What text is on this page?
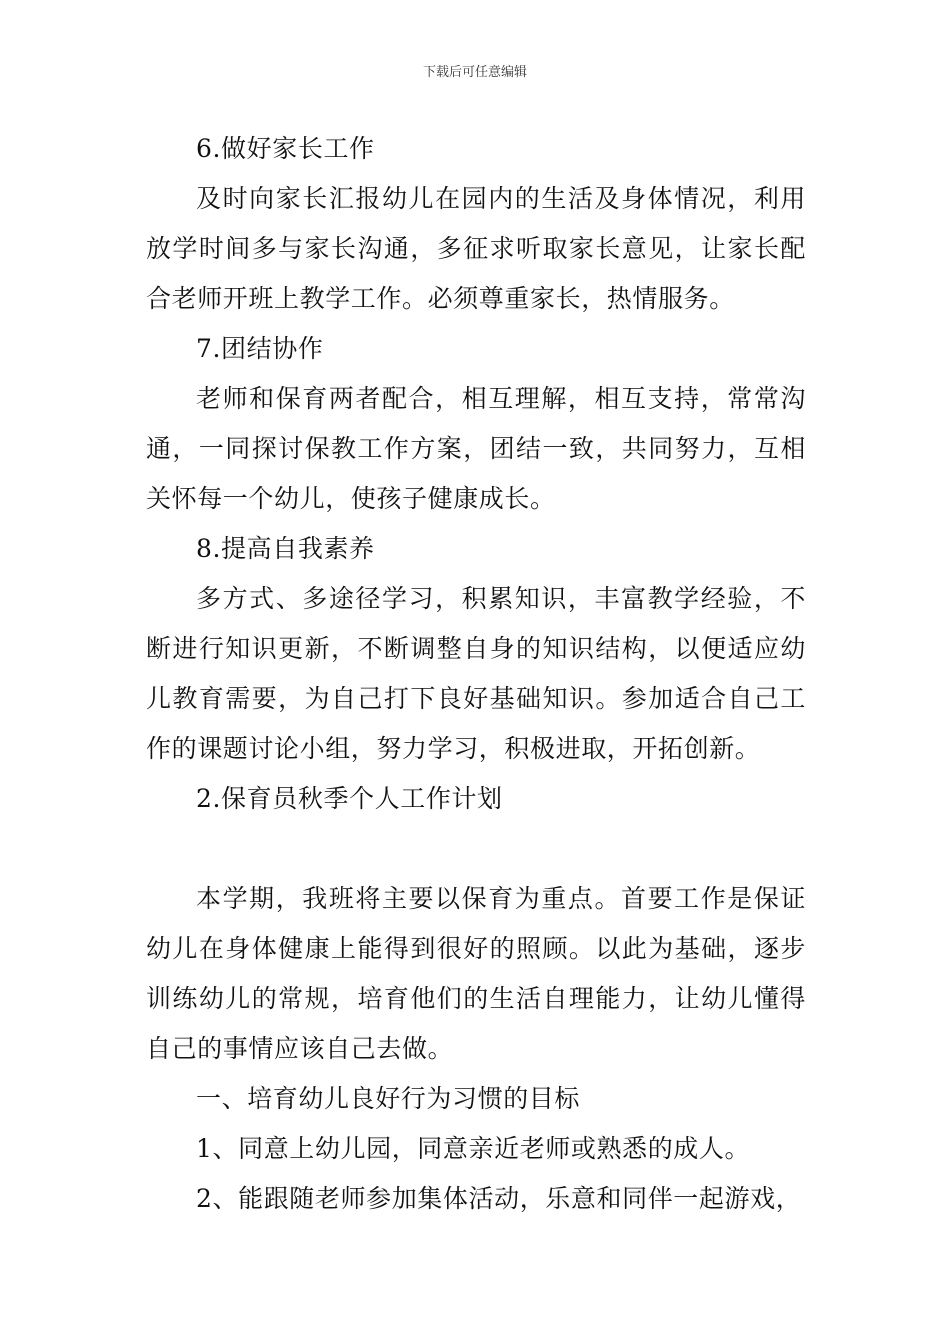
下载后可任意编辑

6.做好家长工作

及时向家长汇报幼儿在园内的生活及身体情况，利用放学时间多与家长沟通，多征求听取家长意见，让家长配合老师开班上教学工作。必须尊重家长，热情服务。

7.团结协作

老师和保育两者配合，相互理解，相互支持，常常沟通，一同探讨保教工作方案，团结一致，共同努力，互相关怀每一个幼儿，使孩子健康成长。

8.提高自我素养

多方式、多途径学习，积累知识，丰富教学经验，不断进行知识更新，不断调整自身的知识结构，以便适应幼儿教育需要，为自己打下良好基础知识。参加适合自己工作的课题讨论小组，努力学习，积极进取，开拓创新。

2.保育员秋季个人工作计划

本学期，我班将主要以保育为重点。首要工作是保证幼儿在身体健康上能得到很好的照顾。以此为基础，逐步训练幼儿的常规，培育他们的生活自理能力，让幼儿懂得自己的事情应该自己去做。

一、培育幼儿良好行为习惯的目标

1、同意上幼儿园，同意亲近老师或熟悉的成人。

2、能跟随老师参加集体活动，乐意和同伴一起游戏，
